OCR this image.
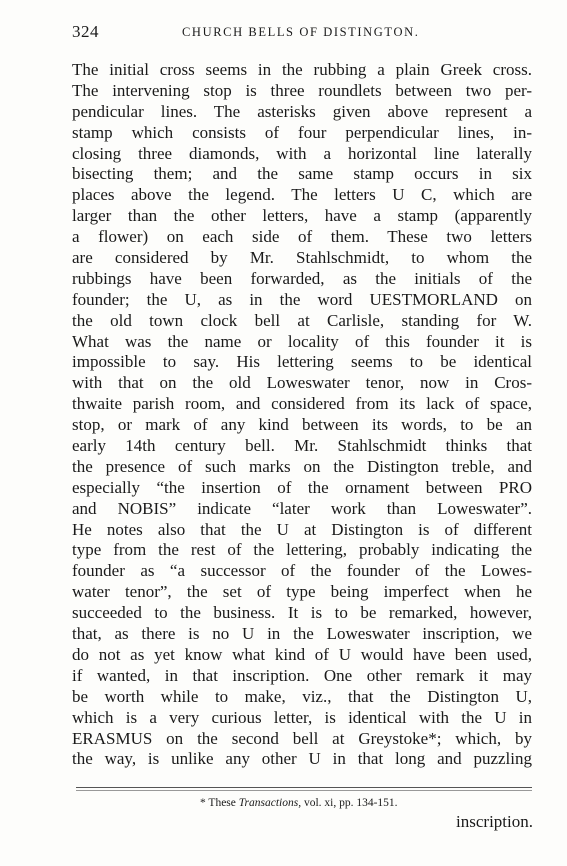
324	CHURCH BELLS OF DISTINGTON.
The initial cross seems in the rubbing a plain Greek cross.
The intervening stop is three roundlets between two per-
pendicular lines. The asterisks given above represent a
stamp which consists of four perpendicular lines, in-
closing three diamonds, with a horizontal line laterally
bisecting them; and the same stamp occurs in six
places above the legend. The letters U C, which are
larger than the other letters, have a stamp (apparently
a flower) on each side of them. These two letters
are considered by Mr. Stahlschmidt, to whom the
rubbings have been forwarded, as the initials of the
founder; the U, as in the word UESTMORLAND on
the old town clock bell at Carlisle, standing for W.
What was the name or locality of this founder it is
impossible to say. His lettering seems to be identical
with that on the old Loweswater tenor, now in Cros-
thwaite parish room, and considered from its lack of space,
stop, or mark of any kind between its words, to be an
early 14th century bell. Mr. Stahlschmidt thinks that
the presence of such marks on the Distington treble, and
especially “the insertion of the ornament between PRO
and NOBIS” indicate “later work than Loweswater”.
He notes also that the U at Distington is of different
type from the rest of the lettering, probably indicating the
founder as “a successor of the founder of the Lowes-
water tenor”, the set of type being imperfect when he
succeeded to the business. It is to be remarked, however,
that, as there is no U in the Loweswater inscription, we
do not as yet know what kind of U would have been used,
if wanted, in that inscription. One other remark it may
be worth while to make, viz., that the Distington U,
which is a very curious letter, is identical with the U in
ERASMUS on the second bell at Greystoke*; which, by
the way, is unlike any other U in that long and puzzling
* These Transactions, vol. xi, pp. 134-151.
inscription.
